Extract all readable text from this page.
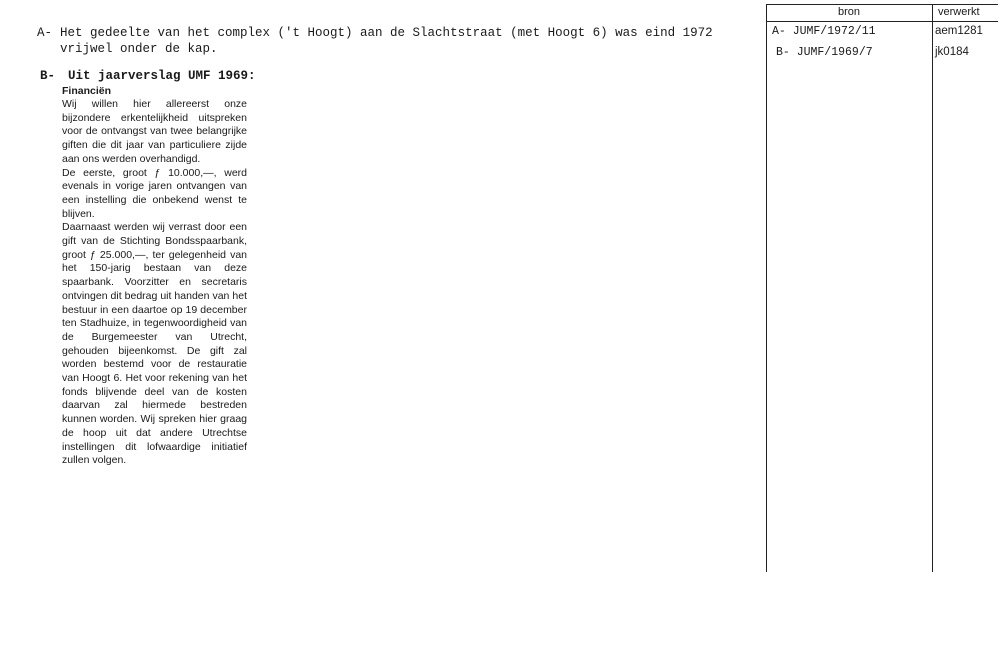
A- Het gedeelte van het complex ('t Hoogt) aan de Slachtstraat (met Hoogt 6) was eind 1972 vrijwel onder de kap.
B- Uit jaarverslag UMF 1969:
Financiën

Wij willen hier allereerst onze bijzondere erkentelijkheid uitspreken voor de ontvangst van twee belangrijke giften die dit jaar van particuliere zijde aan ons werden overhandigd.

De eerste, groot ƒ 10.000,—, werd evenals in vorige jaren ontvangen van een instelling die onbekend wenst te blijven.

Daarnaast werden wij verrast door een gift van de Stichting Bondsspaarbank, groot ƒ 25.000,—, ter gelegenheid van het 150-jarig bestaan van deze spaarbank. Voorzitter en secretaris ontvingen dit bedrag uit handen van het bestuur in een daartoe op 19 december ten Stadhuize, in tegenwoordigheid van de Burgemeester van Utrecht, gehouden bijeenkomst. De gift zal worden bestemd voor de restauratie van Hoogt 6. Het voor rekening van het fonds blijvende deel van de kosten daarvan zal hiermede bestreden kunnen worden. Wij spreken hier graag de hoop uit dat andere Utrechtse instellingen dit lofwaardige initiatief zullen volgen.

bron	verwerkt
A- JUMF/1972/11	aem1281
B- JUMF/1969/7	jk0184
